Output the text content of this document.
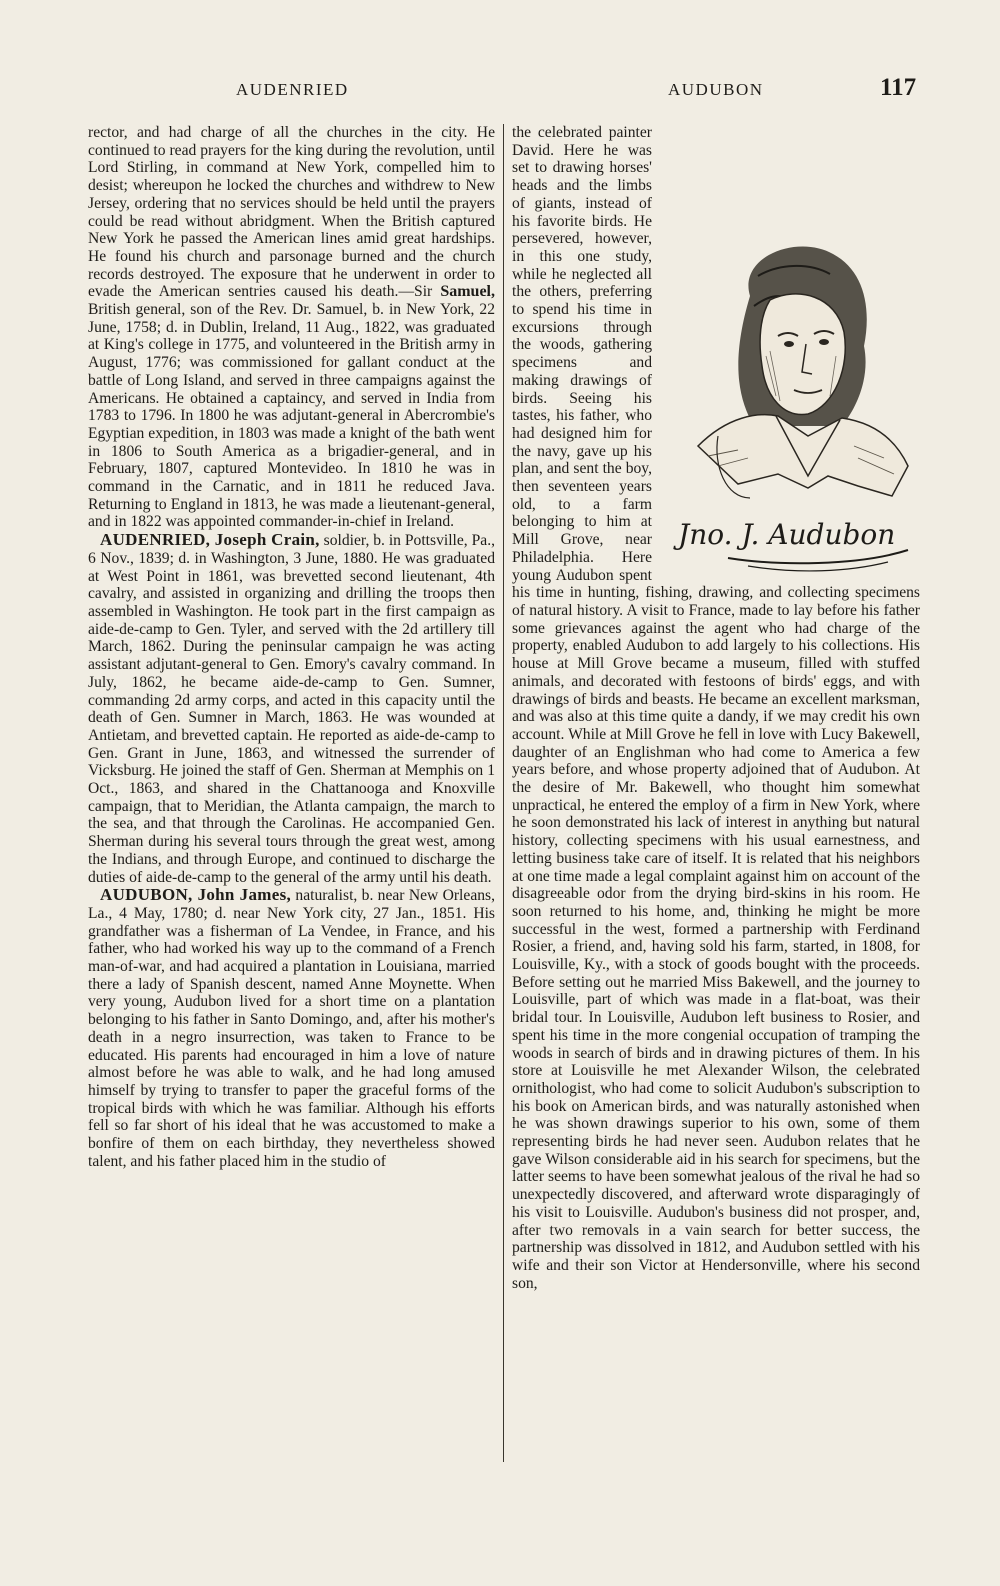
AUDENRIED	AUDUBON	117

rector, and had charge of all the churches in the city. He continued to read prayers for the king during the revolution, until Lord Stirling, in command at New York, compelled him to desist; whereupon he locked the churches and withdrew to New Jersey, ordering that no services should be held until the prayers could be read without abridgment. When the British captured New York he passed the American lines amid great hardships. He found his church and parsonage burned and the church records destroyed. The exposure that he underwent in order to evade the American sentries caused his death.—Sir Samuel, British general, son of the Rev. Dr. Samuel, b. in New York, 22 June, 1758; d. in Dublin, Ireland, 11 Aug., 1822, was graduated at King's college in 1775, and volunteered in the British army in August, 1776; was commissioned for gallant conduct at the battle of Long Island, and served in three campaigns against the Americans. He obtained a captaincy, and served in India from 1783 to 1796. In 1800 he was adjutant-general in Abercrombie's Egyptian expedition, in 1803 was made a knight of the bath went in 1806 to South America as a brigadier-general, and in February, 1807, captured Montevideo. In 1810 he was in command in the Carnatic, and in 1811 he reduced Java. Returning to England in 1813, he was made a lieutenant-general, and in 1822 was appointed commander-in-chief in Ireland.

AUDENRIED, Joseph Crain, soldier, b. in Pottsville, Pa., 6 Nov., 1839; d. in Washington, 3 June, 1880. He was graduated at West Point in 1861, was brevetted second lieutenant, 4th cavalry, and assisted in organizing and drilling the troops then assembled in Washington. He took part in the first campaign as aide-de-camp to Gen. Tyler, and served with the 2d artillery till March, 1862. During the peninsular campaign he was acting assistant adjutant-general to Gen. Emory's cavalry command. In July, 1862, he became aide-de-camp to Gen. Sumner, commanding 2d army corps, and acted in this capacity until the death of Gen. Sumner in March, 1863. He was wounded at Antietam, and brevetted captain. He reported as aide-de-camp to Gen. Grant in June, 1863, and witnessed the surrender of Vicksburg. He joined the staff of Gen. Sherman at Memphis on 1 Oct., 1863, and shared in the Chattanooga and Knoxville campaign, that to Meridian, the Atlanta campaign, the march to the sea, and that through the Carolinas. He accompanied Gen. Sherman during his several tours through the great west, among the Indians, and through Europe, and continued to discharge the duties of aide-de-camp to the general of the army until his death.

AUDUBON, John James, naturalist, b. near New Orleans, La., 4 May, 1780; d. near New York city, 27 Jan., 1851. His grandfather was a fisherman of La Vendee, in France, and his father, who had worked his way up to the command of a French man-of-war, and had acquired a plantation in Louisiana, married there a lady of Spanish descent, named Anne Moynette. When very young, Audubon lived for a short time on a plantation belonging to his father in Santo Domingo, and, after his mother's death in a negro insurrection, was taken to France to be educated. His parents had encouraged in him a love of nature almost before he was able to walk, and he had long amused himself by trying to transfer to paper the graceful forms of the tropical birds with which he was familiar. Although his efforts fell so far short of his ideal that he was accustomed to make a bonfire of them on each birthday, they nevertheless showed talent, and his father placed him in the studio of

Jno. J. Audubon

the celebrated painter David. Here he was set to drawing horses' heads and the limbs of giants, instead of his favorite birds. He persevered, however, in this one study, while he neglected all the others, preferring to spend his time in excursions through the woods, gathering specimens and making drawings of birds. Seeing his tastes, his father, who had designed him for the navy, gave up his plan, and sent the boy, then seventeen years old, to a farm belonging to him at Mill Grove, near Philadelphia. Here young Audubon spent his time in hunting, fishing, drawing, and collecting specimens of natural history. A visit to France, made to lay before his father some grievances against the agent who had charge of the property, enabled Audubon to add largely to his collections. His house at Mill Grove became a museum, filled with stuffed animals, and decorated with festoons of birds' eggs, and with drawings of birds and beasts. He became an excellent marksman, and was also at this time quite a dandy, if we may credit his own account. While at Mill Grove he fell in love with Lucy Bakewell, daughter of an Englishman who had come to America a few years before, and whose property adjoined that of Audubon. At the desire of Mr. Bakewell, who thought him somewhat unpractical, he entered the employ of a firm in New York, where he soon demonstrated his lack of interest in anything but natural history, collecting specimens with his usual earnestness, and letting business take care of itself. It is related that his neighbors at one time made a legal complaint against him on account of the disagreeable odor from the drying bird-skins in his room. He soon returned to his home, and, thinking he might be more successful in the west, formed a partnership with Ferdinand Rosier, a friend, and, having sold his farm, started, in 1808, for Louisville, Ky., with a stock of goods bought with the proceeds. Before setting out he married Miss Bakewell, and the journey to Louisville, part of which was made in a flat-boat, was their bridal tour. In Louisville, Audubon left business to Rosier, and spent his time in the more congenial occupation of tramping the woods in search of birds and in drawing pictures of them. In his store at Louisville he met Alexander Wilson, the celebrated ornithologist, who had come to solicit Audubon's subscription to his book on American birds, and was naturally astonished when he was shown drawings superior to his own, some of them representing birds he had never seen. Audubon relates that he gave Wilson considerable aid in his search for specimens, but the latter seems to have been somewhat jealous of the rival he had so unexpectedly discovered, and afterward wrote disparagingly of his visit to Louisville. Audubon's business did not prosper, and, after two removals in a vain search for better success, the partnership was dissolved in 1812, and Audubon settled with his wife and their son Victor at Hendersonville, where his second son,
